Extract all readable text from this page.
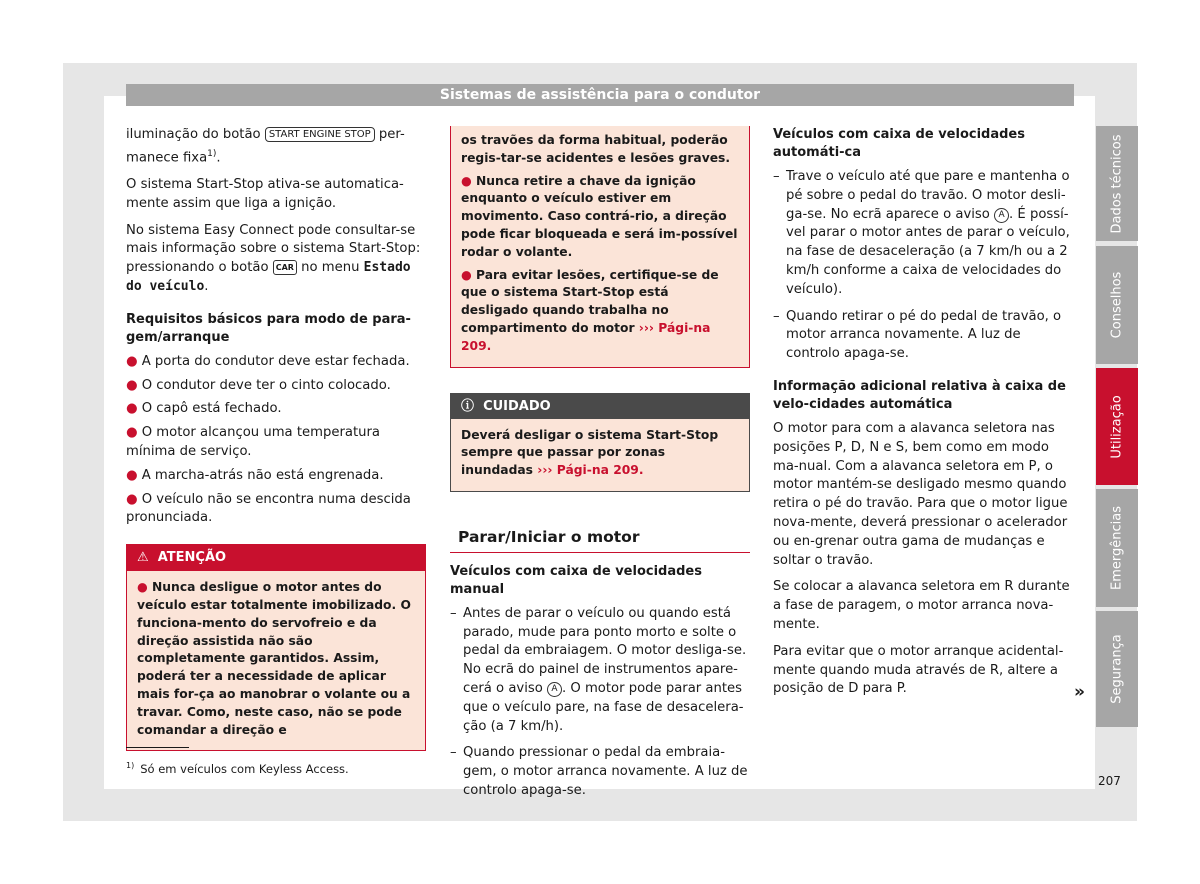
Sistemas de assistência para o condutor

iluminação do botão START ENGINE STOP per-manece fixa$^{1)}$.

O sistema Start-Stop ativa-se automatica-mente assim que liga a ignição.

No sistema Easy Connect pode consultar-se mais informação sobre o sistema Start-Stop: pressionando o botão CAR no menu Estado do veículo.

Requisitos básicos para modo de para-gem/arranque
● A porta do condutor deve estar fechada.
● O condutor deve ter o cinto colocado.
● O capô está fechado.
● O motor alcançou uma temperatura mínima de serviço.
● A marcha-atrás não está engrenada.
● O veículo não se encontra numa descida pronunciada.
⚠ ATENÇÃO

● Nunca desligue o motor antes do veículo estar totalmente imobilizado. O funciona-mento do servofreio e da direção assistida não são completamente garantidos. Assim, poderá ter a necessidade de aplicar mais for-ça ao manobrar o volante ou a travar. Como, neste caso, não se pode comandar a direção e

os travões da forma habitual, poderão regis-tar-se acidentes e lesões graves.

● Nunca retire a chave da ignição enquanto o veículo estiver em movimento. Caso contrá-rio, a direção pode ficar bloqueada e será im-possível rodar o volante.

● Para evitar lesões, certifique-se de que o sistema Start-Stop está desligado quando trabalha no compartimento do motor ››› Pági-na 209.

ⓘ CUIDADO

Deverá desligar o sistema Start-Stop sempre que passar por zonas inundadas ››› Pági-na 209.

Parar/Iniciar o motor
Veículos com caixa de velocidades manual
– Antes de parar o veículo ou quando está parado, mude para ponto morto e solte o pedal da embraiagem. O motor desliga-se. No ecrã do painel de instrumentos apare-cerá o aviso A . O motor pode parar antes que o veículo pare, na fase de desacelera-ção (a 7 km/h).
– Quando pressionar o pedal da embraia-gem, o motor arranca novamente. A luz de controlo apaga-se.
Veículos com caixa de velocidades automáti-ca
– Trave o veículo até que pare e mantenha o pé sobre o pedal do travão. O motor desli-ga-se. No ecrã aparece o aviso A . É possí-vel parar o motor antes de parar o veículo, na fase de desaceleração (a 7 km/h ou a 2 km/h conforme a caixa de velocidades do veículo).
– Quando retirar o pé do pedal de travão, o motor arranca novamente. A luz de controlo apaga-se.
Informação adicional relativa à caixa de velo-cidades automática

O motor para com a alavanca seletora nas posições P, D, N e S, bem como em modo ma-nual. Com a alavanca seletora em P, o motor mantém-se desligado mesmo quando retira o pé do travão. Para que o motor ligue nova-mente, deverá pressionar o acelerador ou en-grenar outra gama de mudanças e soltar o travão.

Se colocar a alavanca seletora em R durante a fase de paragem, o motor arranca nova-mente.

Para evitar que o motor arranque acidental-mente quando muda através de R, altere a posição de D para P.	»
$^{1)}$ Só em veículos com Keyless Access.
Dados técnicos
Conselhos
Utilização
Emergências
Segurança
207
